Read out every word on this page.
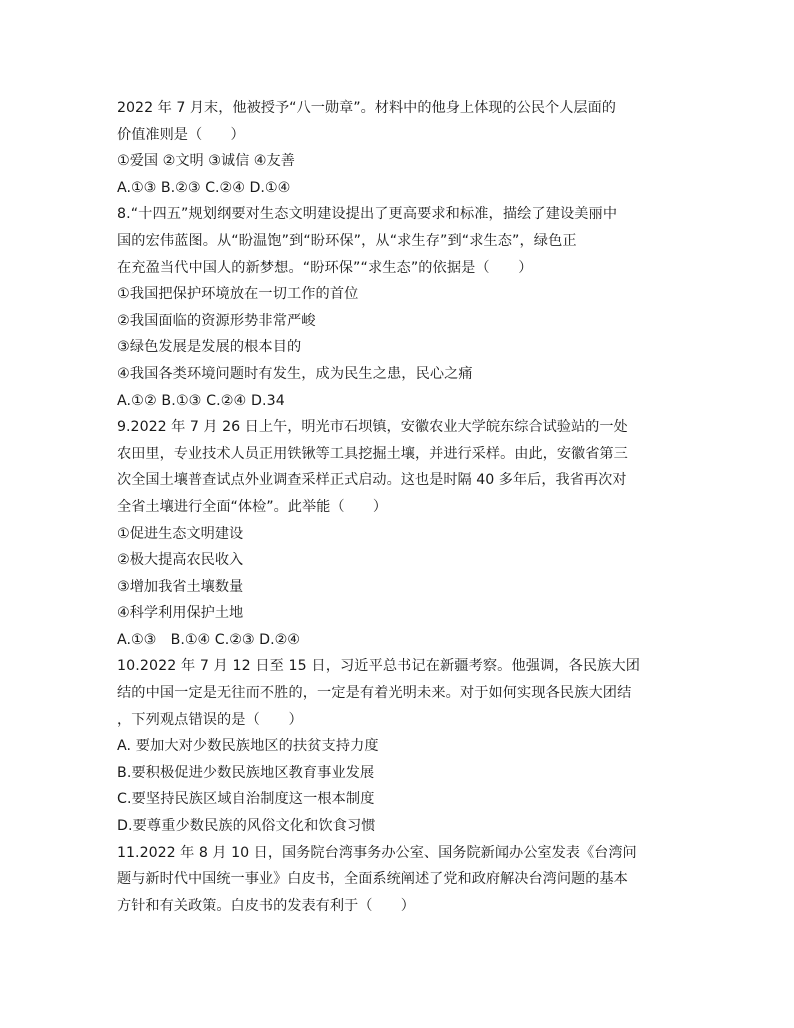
2022 年 7 月末，他被授予“八一勋章”。材料中的他身上体现的公民个人层面的
价值准则是（　　）
①爱国 ②文明 ③诚信 ④友善
A.①③ B.②③ C.②④ D.①④
8.“十四五”规划纲要对生态文明建设提出了更高要求和标准，描绘了建设美丽中
国的宏伟蓝图。从“盼温饱”到“盼环保”，从“求生存”到“求生态”，绿色正
在充盈当代中国人的新梦想。“盼环保”“求生态”的依据是（　　）
①我国把保护环境放在一切工作的首位
②我国面临的资源形势非常严峻
③绿色发展是发展的根本目的
④我国各类环境问题时有发生，成为民生之患，民心之痛
A.①② B.①③ C.②④ D.34
9.2022 年 7 月 26 日上午，明光市石坝镇，安徽农业大学皖东综合试验站的一处
农田里，专业技术人员正用铁锹等工具挖掘土壤，并进行采样。由此，安徽省第三
次全国土壤普查试点外业调查采样正式启动。这也是时隔 40 多年后，我省再次对
全省土壤进行全面“体检”。此举能（　　）
①促进生态文明建设
②极大提高农民收入
③增加我省土壤数量
④科学利用保护土地
A.①③　B.①④ C.②③ D.②④
10.2022 年 7 月 12 日至 15 日，习近平总书记在新疆考察。他强调，各民族大团
结的中国一定是无往而不胜的，一定是有着光明未来。对于如何实现各民族大团结
，下列观点错误的是（　　）
A. 要加大对少数民族地区的扶贫支持力度
B.要积极促进少数民族地区教育事业发展
C.要坚持民族区域自治制度这一根本制度
D.要尊重少数民族的风俗文化和饮食习惯
11.2022 年 8 月 10 日，国务院台湾事务办公室、国务院新闻办公室发表《台湾问
题与新时代中国统一事业》白皮书，全面系统阐述了党和政府解决台湾问题的基本
方针和有关政策。白皮书的发表有利于（　　）
